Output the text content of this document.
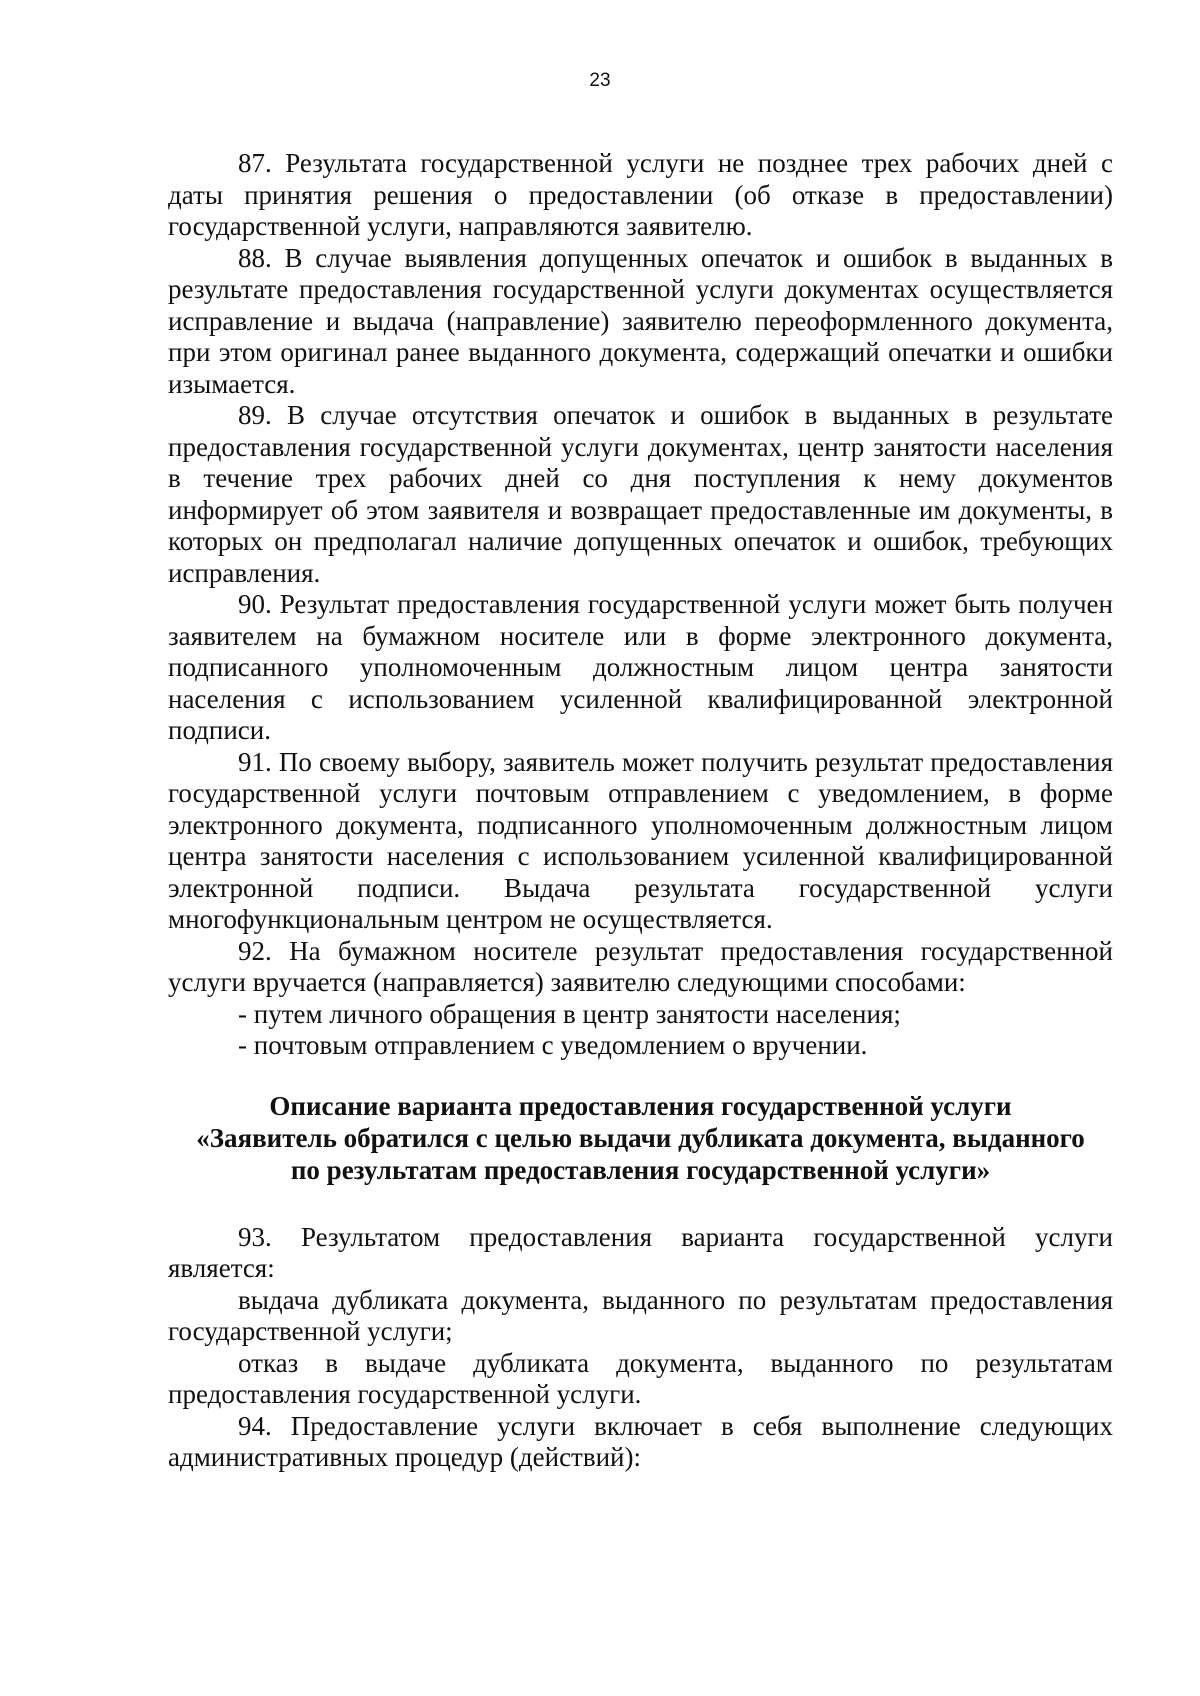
23

87. Результата государственной услуги не позднее трех рабочих дней с даты принятия решения о предоставлении (об отказе в предоставлении) государственной услуги, направляются заявителю.

88. В случае выявления допущенных опечаток и ошибок в выданных в результате предоставления государственной услуги документах осуществляется исправление и выдача (направление) заявителю переоформленного документа, при этом оригинал ранее выданного документа, содержащий опечатки и ошибки изымается.

89. В случае отсутствия опечаток и ошибок в выданных в результате предоставления государственной услуги документах, центр занятости населения в течение трех рабочих дней со дня поступления к нему документов информирует об этом заявителя и возвращает предоставленные им документы, в которых он предполагал наличие допущенных опечаток и ошибок, требующих исправления.

90. Результат предоставления государственной услуги может быть получен заявителем на бумажном носителе или в форме электронного документа, подписанного уполномоченным должностным лицом центра занятости населения с использованием усиленной квалифицированной электронной подписи.

91. По своему выбору, заявитель может получить результат предоставления государственной услуги почтовым отправлением с уведомлением, в форме электронного документа, подписанного уполномоченным должностным лицом центра занятости населения с использованием усиленной квалифицированной электронной подписи. Выдача результата государственной услуги многофункциональным центром не осуществляется.

92. На бумажном носителе результат предоставления государственной услуги вручается (направляется) заявителю следующими способами:

- путем личного обращения в центр занятости населения;

- почтовым отправлением с уведомлением о вручении.

Описание варианта предоставления государственной услуги
«Заявитель обратился с целью выдачи дубликата документа, выданного
по результатам предоставления государственной услуги»

93. Результатом предоставления варианта государственной услуги является:

выдача дубликата документа, выданного по результатам предоставления государственной услуги;

отказ в выдаче дубликата документа, выданного по результатам предоставления государственной услуги.

94. Предоставление услуги включает в себя выполнение следующих административных процедур (действий):
